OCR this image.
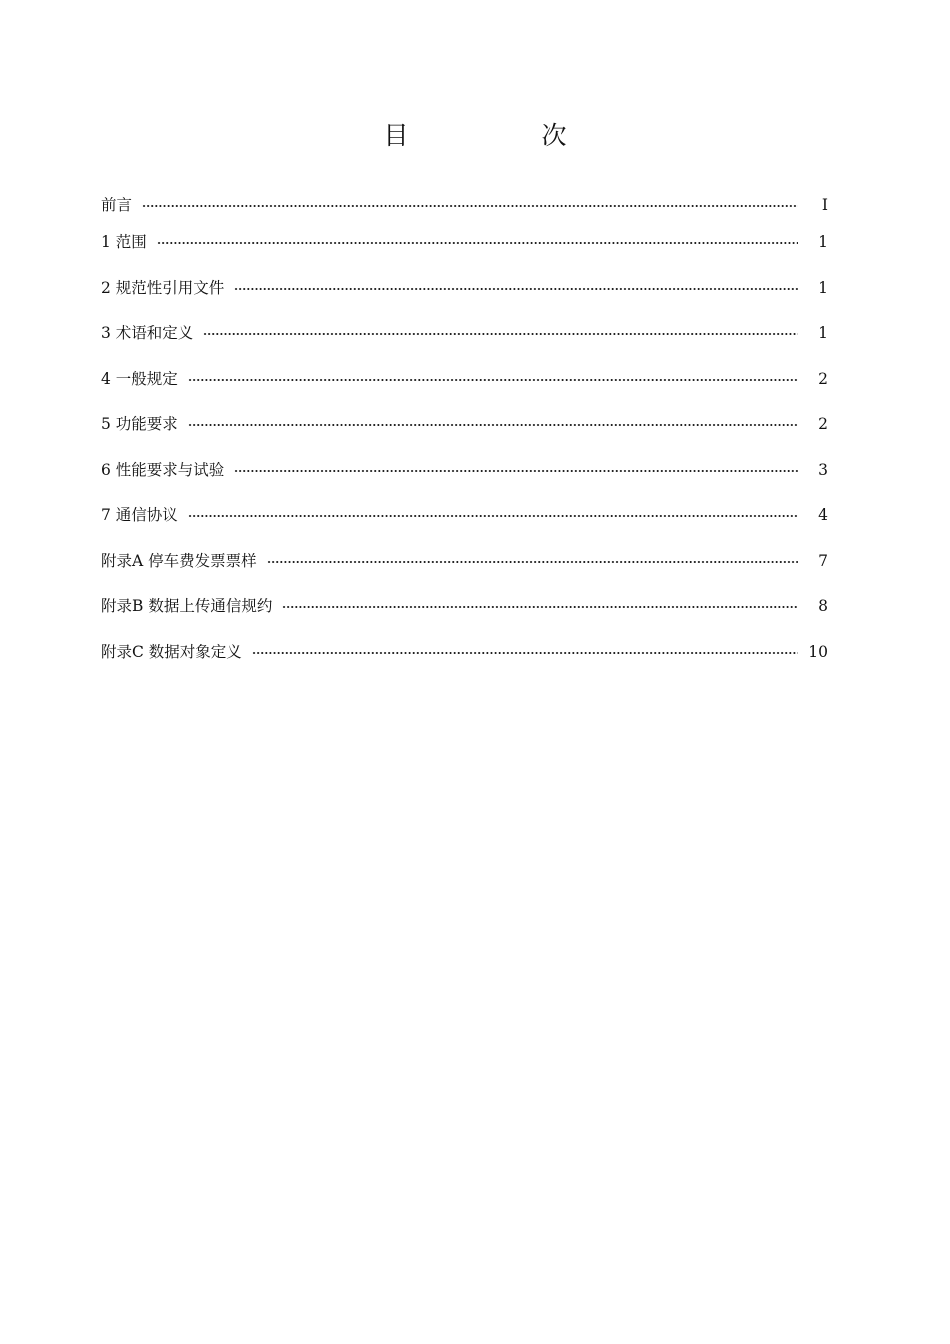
目　次
前言	Ⅰ
1 范围	1
2 规范性引用文件	1
3 术语和定义	1
4 一般规定	2
5 功能要求	2
6 性能要求与试验	3
7 通信协议	4
附录A 停车费发票票样	7
附录B 数据上传通信规约	8
附录C 数据对象定义	10
